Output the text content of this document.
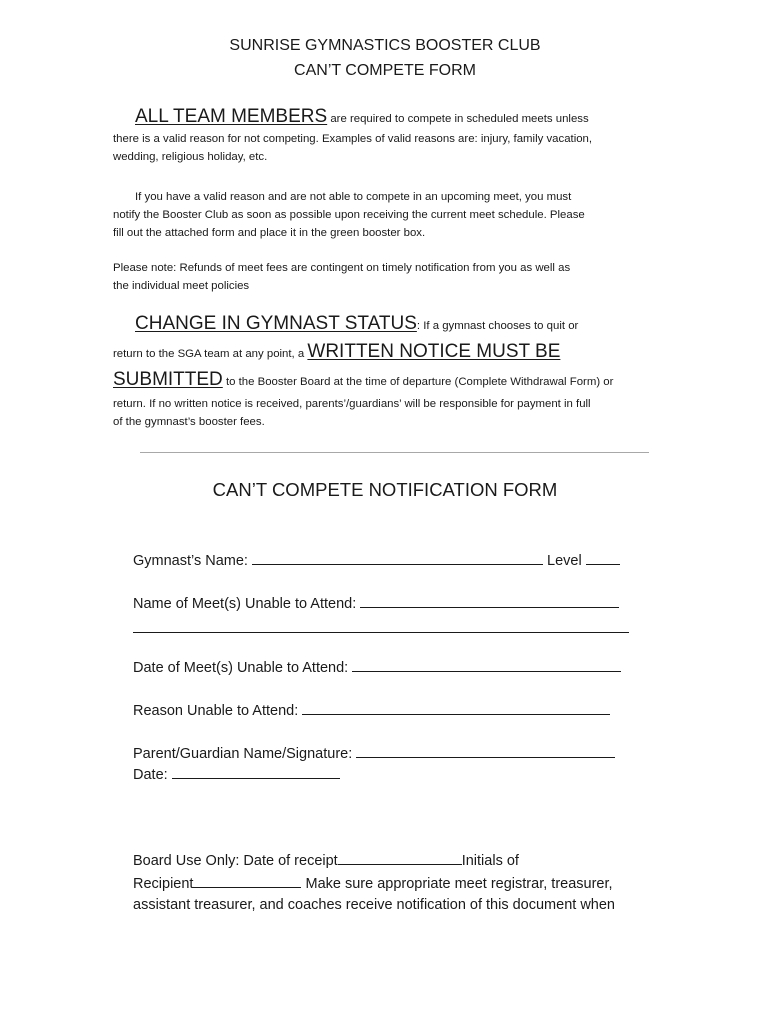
SUNRISE GYMNASTICS BOOSTER CLUB
CAN’T COMPETE FORM
ALL TEAM MEMBERS are required to compete in scheduled meets unless
there is a valid reason for not competing. Examples of valid reasons are: injury, family vacation,
wedding, religious holiday, etc.
If you have a valid reason and are not able to compete in an upcoming meet, you must
notify the Booster Club as soon as possible upon receiving the current meet schedule. Please
fill out the attached form and place it in the green booster box.
Please note: Refunds of meet fees are contingent on timely notification from you as well as
the individual meet policies
CHANGE IN GYMNAST STATUS: If a gymnast chooses to quit or
return to the SGA team at any point, a WRITTEN NOTICE MUST BE
SUBMITTED to the Booster Board at the time of departure (Complete Withdrawal Form) or
return. If no written notice is received, parents’/guardians’ will be responsible for payment in full
of the gymnast’s booster fees.
CAN’T COMPETE NOTIFICATION FORM
Gymnast’s Name:	Level
Name of Meet(s) Unable to Attend:
Date of Meet(s) Unable to Attend:
Reason Unable to Attend:
Parent/Guardian Name/Signature:
Date:
Board Use Only: Date of receipt	Initials of
Recipient	Make sure appropriate meet registrar, treasurer,
assistant treasurer, and coaches receive notification of this document when
